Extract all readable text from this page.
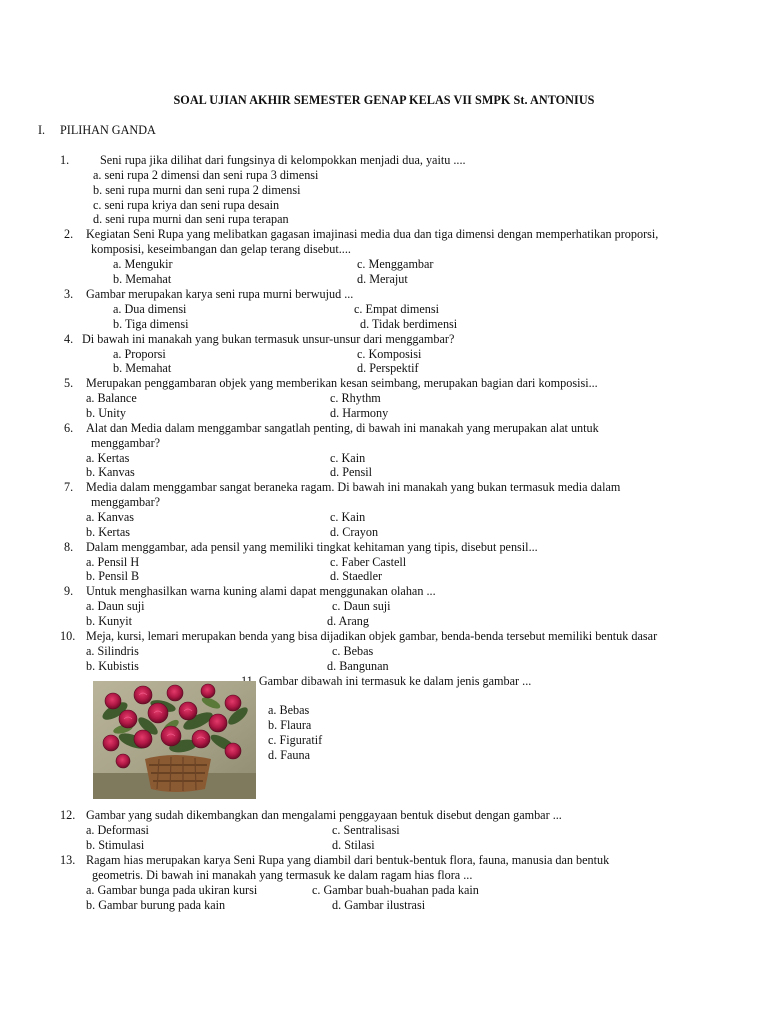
SOAL UJIAN AKHIR SEMESTER GENAP KELAS VII SMPK St. ANTONIUS
I. PILIHAN GANDA
1.	Seni rupa jika dilihat dari fungsinya di kelompokkan menjadi dua, yaitu ....
a. seni rupa 2 dimensi dan seni rupa 3 dimensi
b. seni rupa murni dan seni rupa 2 dimensi
c. seni rupa kriya dan seni rupa desain
d. seni rupa murni dan seni rupa terapan
2.	Kegiatan Seni Rupa yang melibatkan gagasan imajinasi media dua dan tiga dimensi dengan memperhatikan proporsi,
komposisi, keseimbangan dan gelap terang disebut....
a. Mengukir	c. Menggambar
b. Memahat	d. Merajut
3.	Gambar merupakan karya seni rupa murni berwujud ...
a. Dua dimensi	c. Empat dimensi
b. Tiga dimensi	d. Tidak berdimensi
4. Di bawah ini manakah yang bukan termasuk unsur-unsur dari menggambar?
a. Proporsi	c. Komposisi
b. Memahat	d. Perspektif
5.	Merupakan penggambaran objek yang memberikan kesan seimbang, merupakan bagian dari komposisi...
a. Balance	c. Rhythm
b. Unity	d. Harmony
6.	Alat dan Media dalam menggambar sangatlah penting, di bawah ini manakah yang merupakan alat untuk
menggambar?
a. Kertas	c. Kain
b. Kanvas	d. Pensil
7.	Media dalam menggambar sangat beraneka ragam. Di bawah ini manakah yang bukan termasuk media dalam
menggambar?
a. Kanvas	c. Kain
b. Kertas	d. Crayon
8.	Dalam menggambar, ada pensil yang memiliki tingkat kehitaman yang tipis, disebut pensil...
a. Pensil H	c. Faber Castell
b. Pensil B	d. Staedler
9.	Untuk menghasilkan warna kuning alami dapat menggunakan olahan ...
a. Daun suji	c. Daun suji
b. Kunyit	d. Arang
10. Meja, kursi, lemari merupakan benda yang bisa dijadikan objek gambar, benda-benda tersebut memiliki bentuk dasar
a. Silindris	c. Bebas
b. Kubistis	d. Bangunan
Gambar dibawah ini termasuk ke dalam jenis gambar ...
a. Bebas
b. Flaura
c. Figuratif
d. Fauna
12. Gambar yang sudah dikembangkan dan mengalami penggayaan bentuk disebut dengan gambar ...
a. Deformasi	c. Sentralisasi
b. Stimulasi	d. Stilasi
13. Ragam hias merupakan karya Seni Rupa yang diambil dari bentuk-bentuk flora, fauna, manusia dan bentuk
geometris. Di bawah ini manakah yang termasuk ke dalam ragam hias flora ...
a. Gambar bunga pada ukiran kursi	c. Gambar buah-buahan pada kain
b. Gambar burung pada kain	d. Gambar ilustrasi
